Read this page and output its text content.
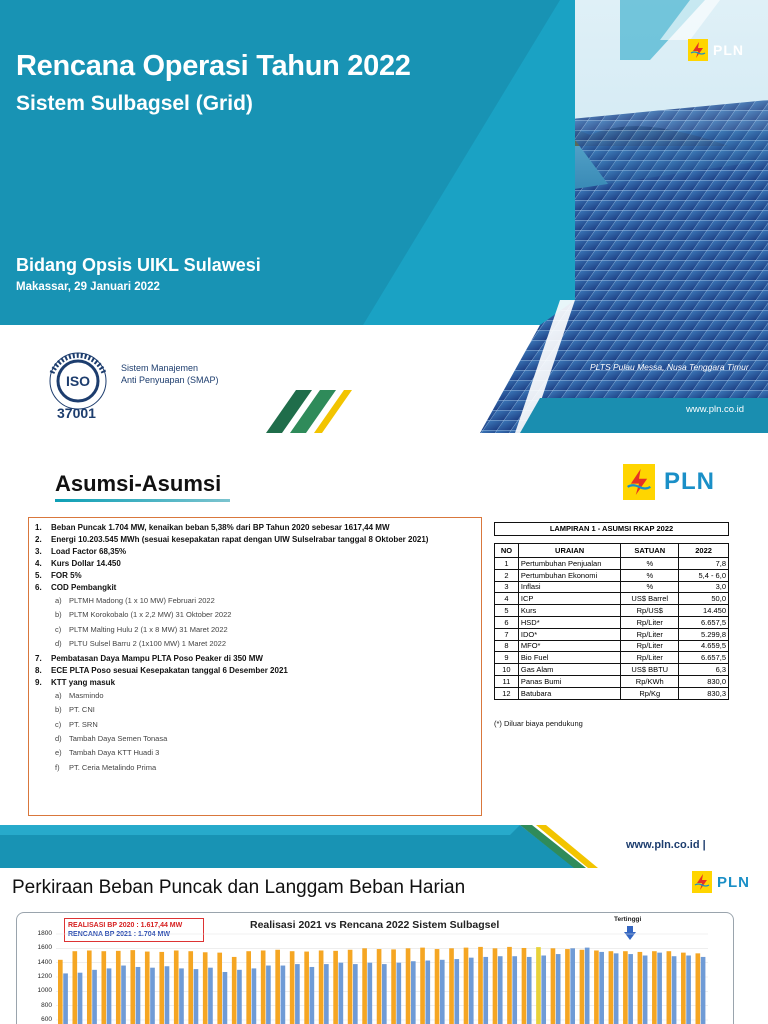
Rencana Operasi Tahun 2022
Sistem Sulbagsel (Grid)
Bidang Opsis UIKL Sulawesi
Makassar, 29 Januari 2022
PLTS Pulau Messa, Nusa Tenggara Timur
www.pln.co.id
PLN
ISO
37001
Sistem Manajemen
Anti Penyuapan (SMAP)
Asumsi-Asumsi	PLN
1. Beban Puncak 1.704 MW, kenaikan beban 5,38% dari BP Tahun 2020 sebesar 1617,44 MW
2. Energi 10.203.545 MWh (sesuai kesepakatan rapat dengan UIW Sulselrabar tanggal 8 Oktober 2021)
3. Load Factor 68,35%
4. Kurs Dollar 14.450
5. FOR 5%
6. COD Pembangkit
a) PLTMH Madong (1 x 10 MW) Februari 2022
b) PLTM Korokobalo (1 x 2,2 MW) 31 Oktober 2022
c) PLTM Malting Hulu 2 (1 x 8 MW) 31 Maret 2022
d) PLTU Sulsel Barru 2 (1x100 MW) 1 Maret 2022
7. Pembatasan Daya Mampu PLTA Poso Peaker di 350 MW
8. ECE PLTA Poso sesuai Kesepakatan tanggal 6 Desember 2021
9. KTT yang masuk
a) Masmindo
b) PT. CNI
c) PT. SRN
d) Tambah Daya Semen Tonasa
e) Tambah Daya KTT Huadi 3
f) PT. Ceria Metalindo Prima
LAMPIRAN 1 - ASUMSI RKAP 2022
NO	URAIAN	SATUAN	2022
1	Pertumbuhan Penjualan	%	7,8
2	Pertumbuhan Ekonomi	%	5,4 - 6,0
3	Inflasi	%	3,0
4	ICP	US$ Barrel	50,0
5	Kurs	Rp/US$	14.450
6	HSD*	Rp/Liter	6.657,5
7	IDO*	Rp/Liter	5.299,8
8	MFO*	Rp/Liter	4.659,5
9	Bio Fuel	Rp/Liter	6.657,5
10	Gas Alam	US$ BBTU	6,3
11	Panas Bumi	Rp/KWh	830,0
12	Batubara	Rp/Kg	830,3
(*) Diluar biaya pendukung
www.pln.co.id |
Perkiraan Beban Puncak dan Langgam Beban Harian	PLN
Realisasi 2021 vs Rencana 2022 Sistem Sulbagsel	Tertinggi
REALISASI BP 2020 : 1.617,44 MW
RENCANA BP 2021 : 1.704 MW
1800
1600
1400
1200
1000
800
600
